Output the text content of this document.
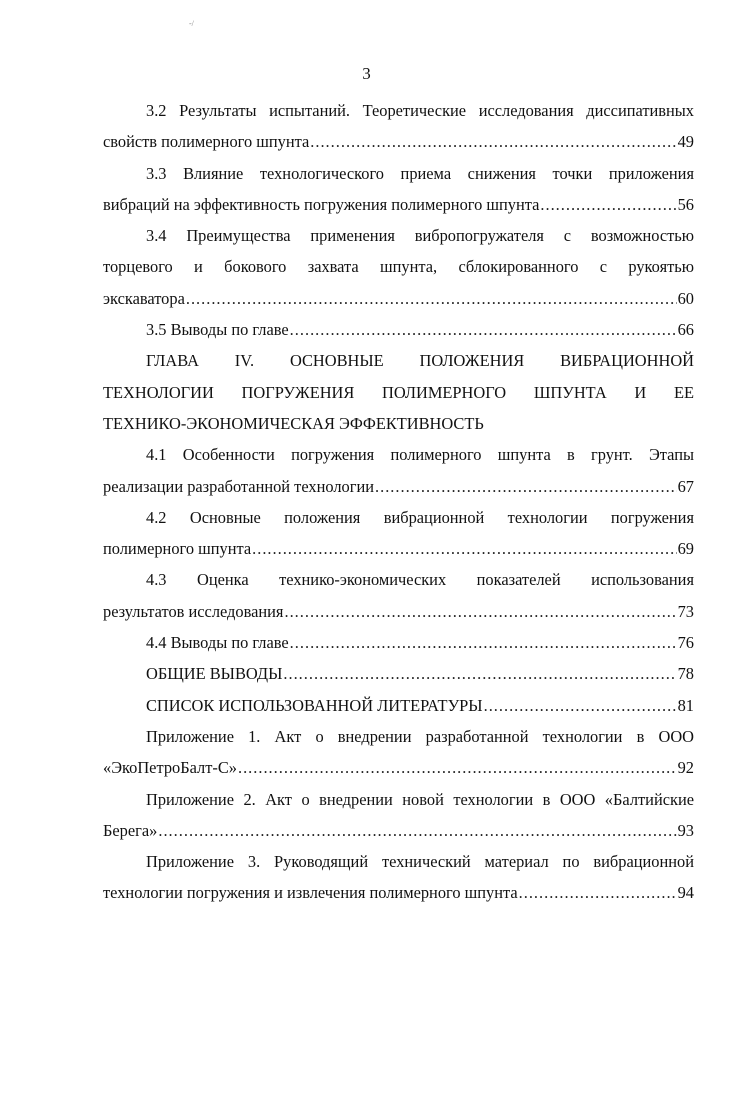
-/
3
3.2 Результаты испытаний. Теоретические исследования диссипативных
свойств полимерного шпунта .....	49
3.3 Влияние технологического приема снижения точки приложения
вибраций на эффективность погружения полимерного шпунта .....	56
3.4 Преимущества применения вибропогружателя с возможностью
торцевого и бокового захвата шпунта, сблокированного с рукоятью
экскаватора .....	60
3.5 Выводы по главе .....	66
ГЛАВА IV. ОСНОВНЫЕ ПОЛОЖЕНИЯ ВИБРАЦИОННОЙ
ТЕХНОЛОГИИ ПОГРУЖЕНИЯ ПОЛИМЕРНОГО ШПУНТА И ЕЕ
ТЕХНИКО-ЭКОНОМИЧЕСКАЯ ЭФФЕКТИВНОСТЬ
4.1 Особенности погружения полимерного шпунта в грунт. Этапы
реализации разработанной технологии .....	67
4.2 Основные положения вибрационной технологии погружения
полимерного шпунта .....	69
4.3 Оценка технико-экономических показателей использования
результатов исследования .....	73
4.4 Выводы по главе .....	76
ОБЩИЕ ВЫВОДЫ .....	78
СПИСОК ИСПОЛЬЗОВАННОЙ ЛИТЕРАТУРЫ .....	81
Приложение 1. Акт о внедрении разработанной технологии в ООО
«ЭкоПетроБалт-С» .....	92
Приложение 2. Акт о внедрении новой технологии в ООО «Балтийские
Берега» .....	93
Приложение 3. Руководящий технический материал по вибрационной
технологии погружения и извлечения полимерного шпунта .....	94
